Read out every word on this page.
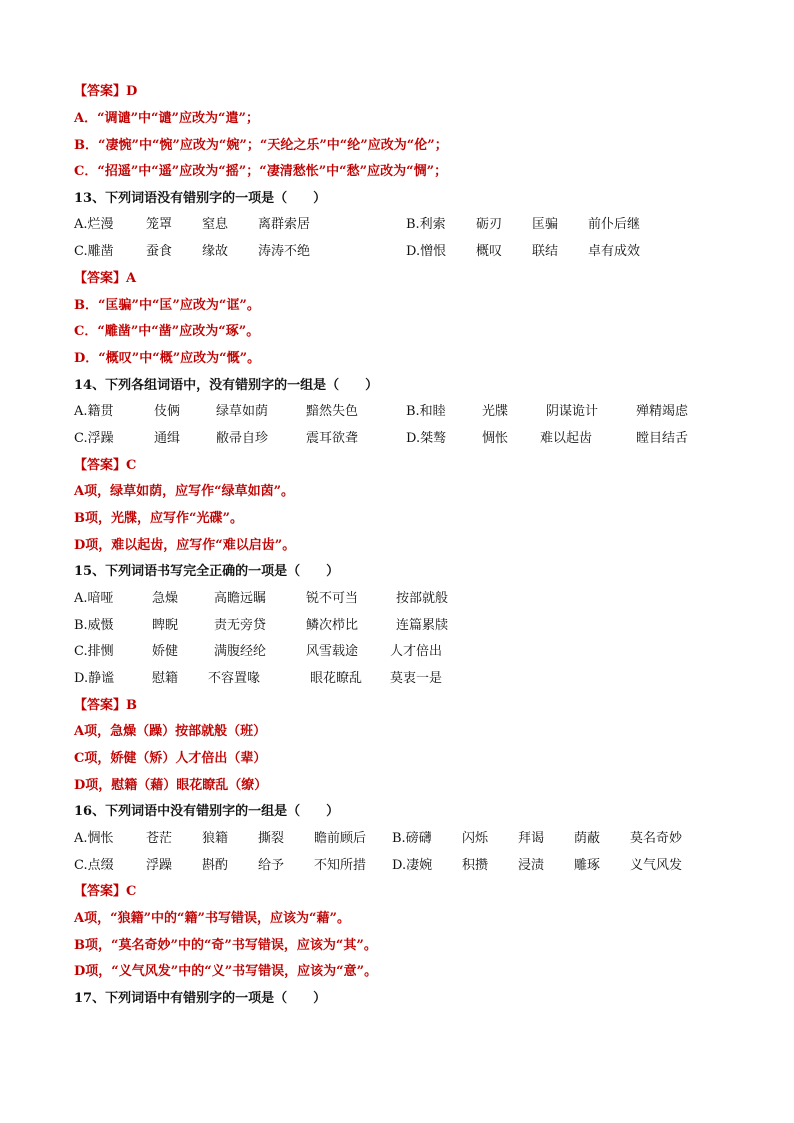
【答案】D
A．“调谴”中“谴”应改为“遣”；
B．“凄惋”中“惋”应改为“婉”；“天纶之乐”中“纶”应改为“伦”；
C．“招遥”中“遥”应改为“摇”；“凄清愁怅”中“愁”应改为“惆”；
13、下列词语没有错别字的一项是（　　）
A.烂漫 笼罩 窒息 离群索居	B.利索 砺刃 匡骗 前仆后继
C.雕凿 蚕食 缘故 涛涛不绝	D.憎恨 概叹 联结 卓有成效
【答案】A
B．“匡骗”中“匡”应改为“诓”。
C．“雕凿”中“凿”应改为“琢”。
D．“概叹”中“概”应改为“慨”。
14、下列各组词语中，没有错别字的一组是（　　）
A.籍贯	伎俩	绿草如荫	黯然失色	B.和睦	光牒	阴谋诡计	殚精竭虑
C.浮躁	通缉	敝帚自珍	震耳欲聋	D.桀骜	惆怅 难以起齿	瞠目结舌
【答案】C
A项，绿草如荫，应写作“绿草如茵”。
B项，光牒，应写作“光碟”。
D项，难以起齿，应写作“难以启齿”。
15、下列词语书写完全正确的一项是（　　）
A.喑哑	急燥	高瞻远瞩	锐不可当	按部就般
B.威慑	睥睨	责无旁贷	鳞次栉比	连篇累牍
C.排恻	娇健	满腹经纶	风雪载途 人才倍出
D.静谧	慰籍 不容置喙	眼花瞭乱 莫衷一是
【答案】B
A项，急燥（躁）按部就般（班）
C项，娇健（矫）人才倍出（辈）
D项，慰籍（藉）眼花瞭乱（缭）
16、下列词语中没有错别字的一组是（　　）
A.惆怅 苍茫 狼籍 撕裂 瞻前顾后 B.磅礴 闪烁 拜谒 荫蔽 莫名奇妙
C.点缀 浮躁 斟酌 给予 不知所措 D.凄婉 积攒 浸渍 雕琢 义气风发
【答案】C
A项，“狼籍”中的“籍”书写错误，应该为“藉”。
B项，“莫名奇妙”中的“奇”书写错误，应该为“其”。
D项，“义气风发”中的“义”书写错误，应该为“意”。
17、下列词语中有错别字的一项是（　　）
